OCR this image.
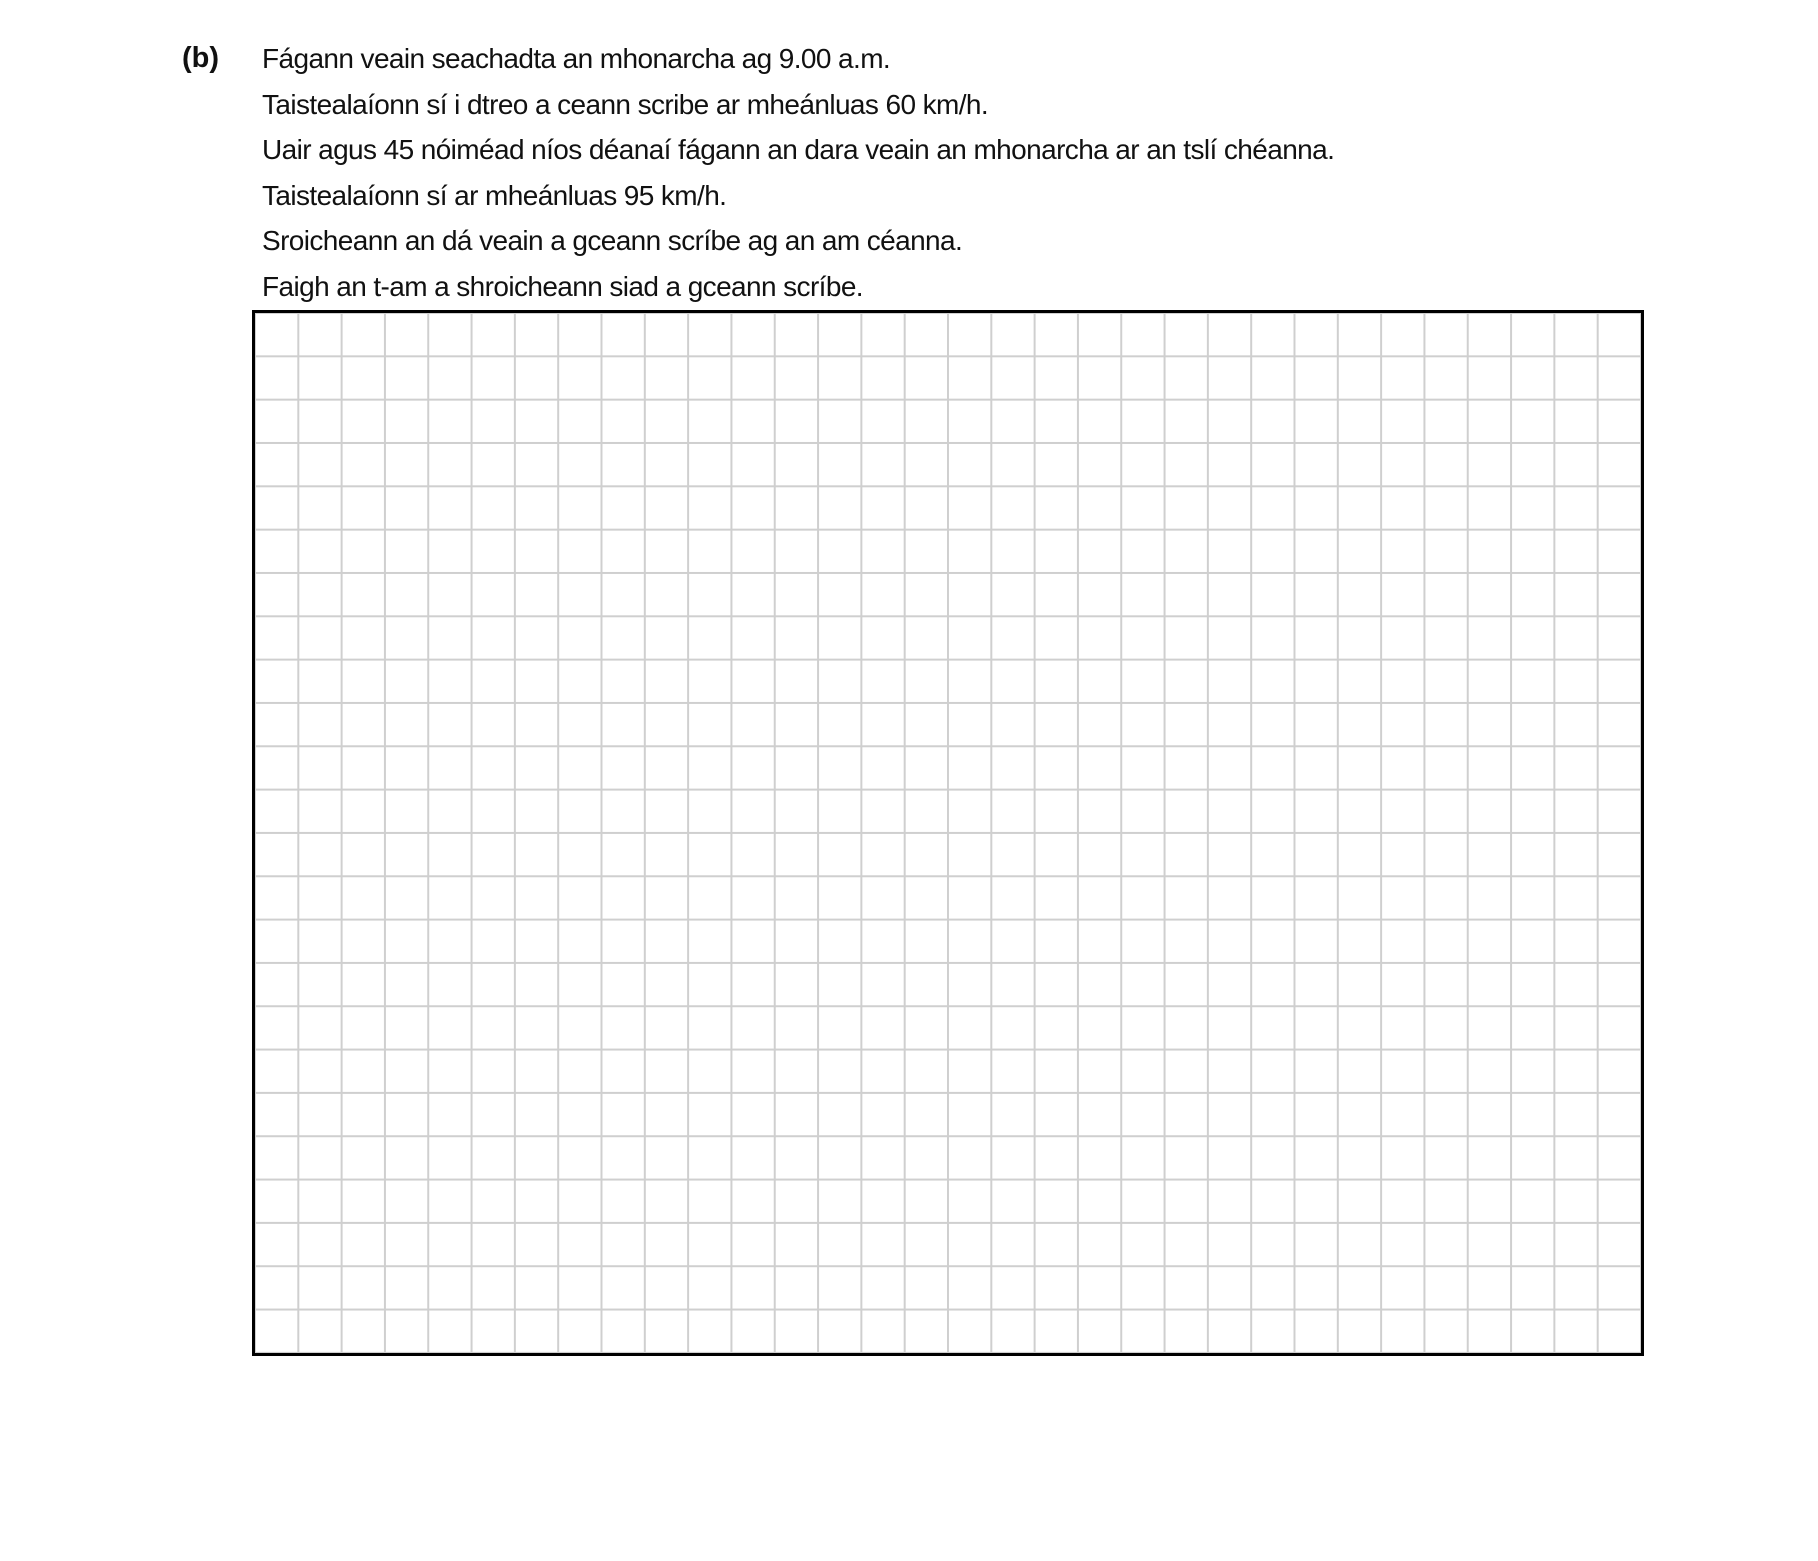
(b) Fágann veain seachadta an mhonarcha ag 9.00 a.m.
Taistealaíonn sí i dtreo a ceann scribe ar mheánluas 60 km/h.
Uair agus 45 nóiméad níos déanaí fágann an dara veain an mhonarcha ar an tslí chéanna.
Taistealaíonn sí ar mheánluas 95 km/h.
Sroicheann an dá veain a gceann scríbe ag an am céanna.
Faigh an t-am a shroicheann siad a gceann scríbe.
